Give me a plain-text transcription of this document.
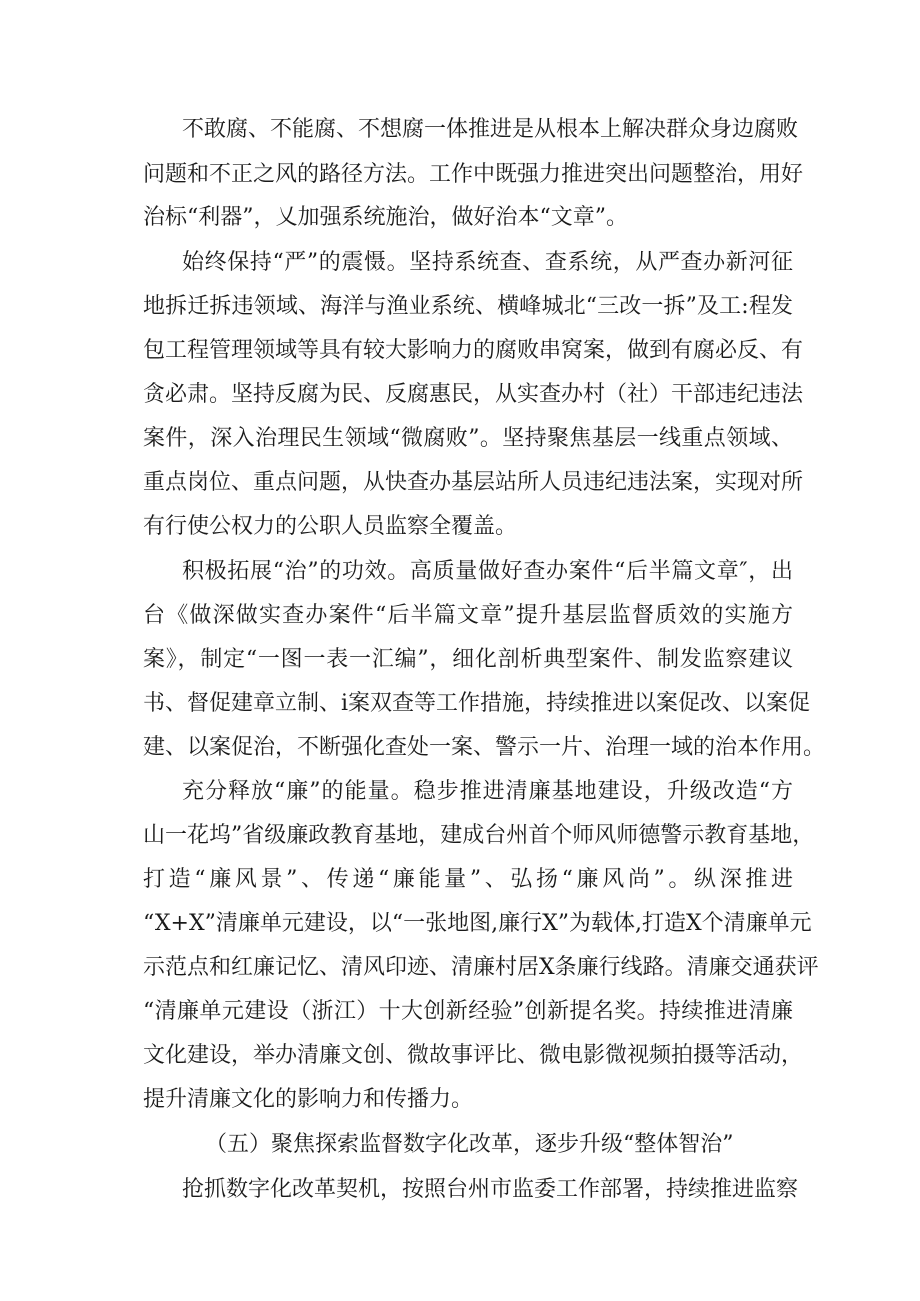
不敢腐、不能腐、不想腐一体推进是从根本上解决群众身边腐败
问题和不正之风的路径方法。工作中既强力推进突出问题整治，用好
治标“利器”，乂加强系统施治，做好治本“文章”。
始终保持“严”的震慑。坚持系统查、查系统，从严查办新河征
地拆迁拆违领域、海洋与渔业系统、横峰城北“三改一拆”及工:程发
包工程管理领域等具有较大影响力的腐败串窝案，做到有腐必反、有
贪必肃。坚持反腐为民、反腐惠民，从实查办村（社）干部违纪违法
案件，深入治理民生领域“微腐败”。坚持聚焦基层一线重点领域、
重点岗位、重点问题，从快查办基层站所人员违纪违法案，实现对所
有行使公权力的公职人员监察全覆盖。
积极拓展“治”的功效。高质量做好查办案件“后半篇文章″，出
台《做深做实查办案件“后半篇文章”提升基层监督质效的实施方
案》，制定“一图一表一汇编”，细化剖析典型案件、制发监察建议
书、督促建章立制、i案双查等工作措施，持续推进以案促改、以案促
建、以案促治，不断强化查处一案、警示一片、治理一域的治本作用。
充分释放“廉”的能量。稳步推进清廉基地建设，升级改造“方
山一花坞”省级廉政教育基地，建成台州首个师风师德警示教育基地，
打造“廉风景”、传递“廉能量”、弘扬“廉风尚”。纵深推进
“X+X”清廉单元建设，以“一张地图,廉行X”为载体,打造X个清廉单元
示范点和红廉记忆、清风印迹、清廉村居X条廉行线路。清廉交通获评
“清廉单元建设（浙江）十大创新经验”创新提名奖。持续推进清廉
文化建设，举办清廉文创、微故事评比、微电影微视频拍摄等活动，
提升清廉文化的影响力和传播力。
（五）聚焦探索监督数字化改革，逐步升级“整体智治”
抢抓数字化改革契机，按照台州市监委工作部署，持续推进监察
